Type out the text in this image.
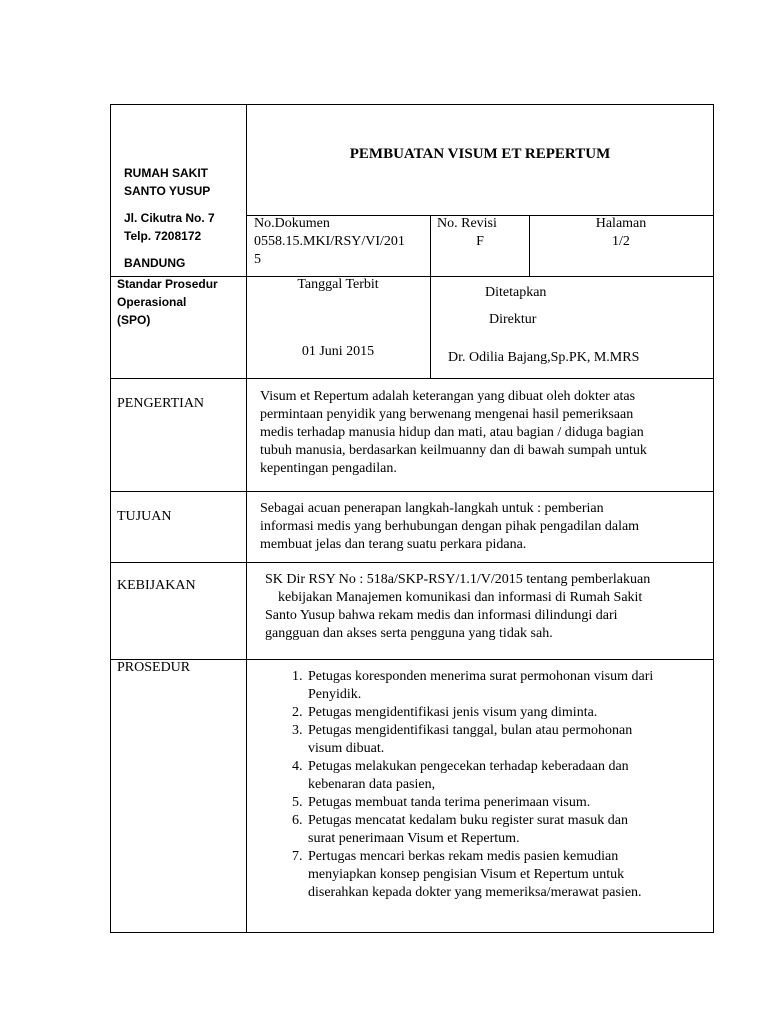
RUMAH SAKIT
SANTO YUSUP
Jl. Cikutra No. 7
Telp. 7208172
BANDUNG
PEMBUATAN VISUM ET REPERTUM
No.Dokumen
0558.15.MKI/RSY/VI/201
5
No. Revisi
F
Halaman
1/2
Standar Prosedur
Operasional
(SPO)
Tanggal Terbit
01 Juni 2015
Ditetapkan
Direktur
Dr. Odilia Bajang,Sp.PK, M.MRS
PENGERTIAN	Visum et Repertum adalah keterangan yang dibuat oleh dokter atas
permintaan penyidik yang berwenang mengenai hasil pemeriksaan
medis terhadap manusia hidup dan mati, atau bagian / diduga bagian
tubuh manusia, berdasarkan keilmuanny dan di bawah sumpah untuk
kepentingan pengadilan.
TUJUAN
Sebagai acuan penerapan langkah-langkah untuk : pemberian
informasi medis yang berhubungan dengan pihak pengadilan dalam
membuat jelas dan terang suatu perkara pidana.
KEBIJAKAN	SK Dir RSY No : 518a/SKP-RSY/1.1/V/2015 tentang pemberlakuan
kebijakan Manajemen komunikasi dan informasi di Rumah Sakit
Santo Yusup bahwa rekam medis dan informasi dilindungi dari
gangguan dan akses serta pengguna yang tidak sah.
PROSEDUR
1. Petugas koresponden menerima surat permohonan visum dari
Penyidik.
2. Petugas mengidentifikasi jenis visum yang diminta.
3. Petugas mengidentifikasi tanggal, bulan atau permohonan
visum dibuat.
4. Petugas melakukan pengecekan terhadap keberadaan dan
kebenaran data pasien,
5. Petugas membuat tanda terima penerimaan visum.
6. Petugas mencatat kedalam buku register surat masuk dan
surat penerimaan Visum et Repertum.
7. Pertugas mencari berkas rekam medis pasien kemudian
menyiapkan konsep pengisian Visum et Repertum untuk
diserahkan kepada dokter yang memeriksa/merawat pasien.
